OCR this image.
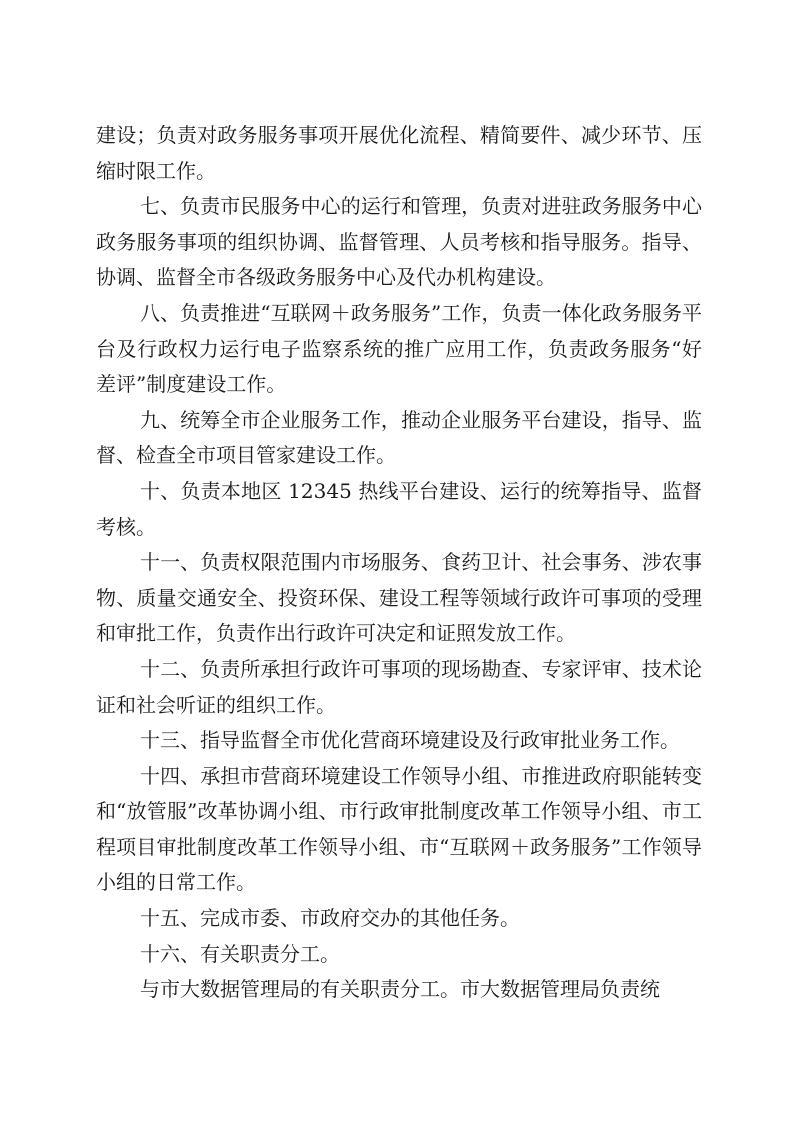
建设；负责对政务服务事项开展优化流程、精简要件、减少环节、压缩时限工作。

七、负责市民服务中心的运行和管理，负责对进驻政务服务中心政务服务事项的组织协调、监督管理、人员考核和指导服务。指导、协调、监督全市各级政务服务中心及代办机构建设。

八、负责推进“互联网＋政务服务”工作，负责一体化政务服务平台及行政权力运行电子监察系统的推广应用工作，负责政务服务“好差评”制度建设工作。

九、统筹全市企业服务工作，推动企业服务平台建设，指导、监督、检查全市项目管家建设工作。

十、负责本地区 12345 热线平台建设、运行的统筹指导、监督考核。

十一、负责权限范围内市场服务、食药卫计、社会事务、涉农事物、质量交通安全、投资环保、建设工程等领域行政许可事项的受理和审批工作，负责作出行政许可决定和证照发放工作。

十二、负责所承担行政许可事项的现场勘查、专家评审、技术论证和社会听证的组织工作。

十三、指导监督全市优化营商环境建设及行政审批业务工作。

十四、承担市营商环境建设工作领导小组、市推进政府职能转变和“放管服”改革协调小组、市行政审批制度改革工作领导小组、市工程项目审批制度改革工作领导小组、市“互联网＋政务服务”工作领导小组的日常工作。

十五、完成市委、市政府交办的其他任务。

十六、有关职责分工。

与市大数据管理局的有关职责分工。市大数据管理局负责统
